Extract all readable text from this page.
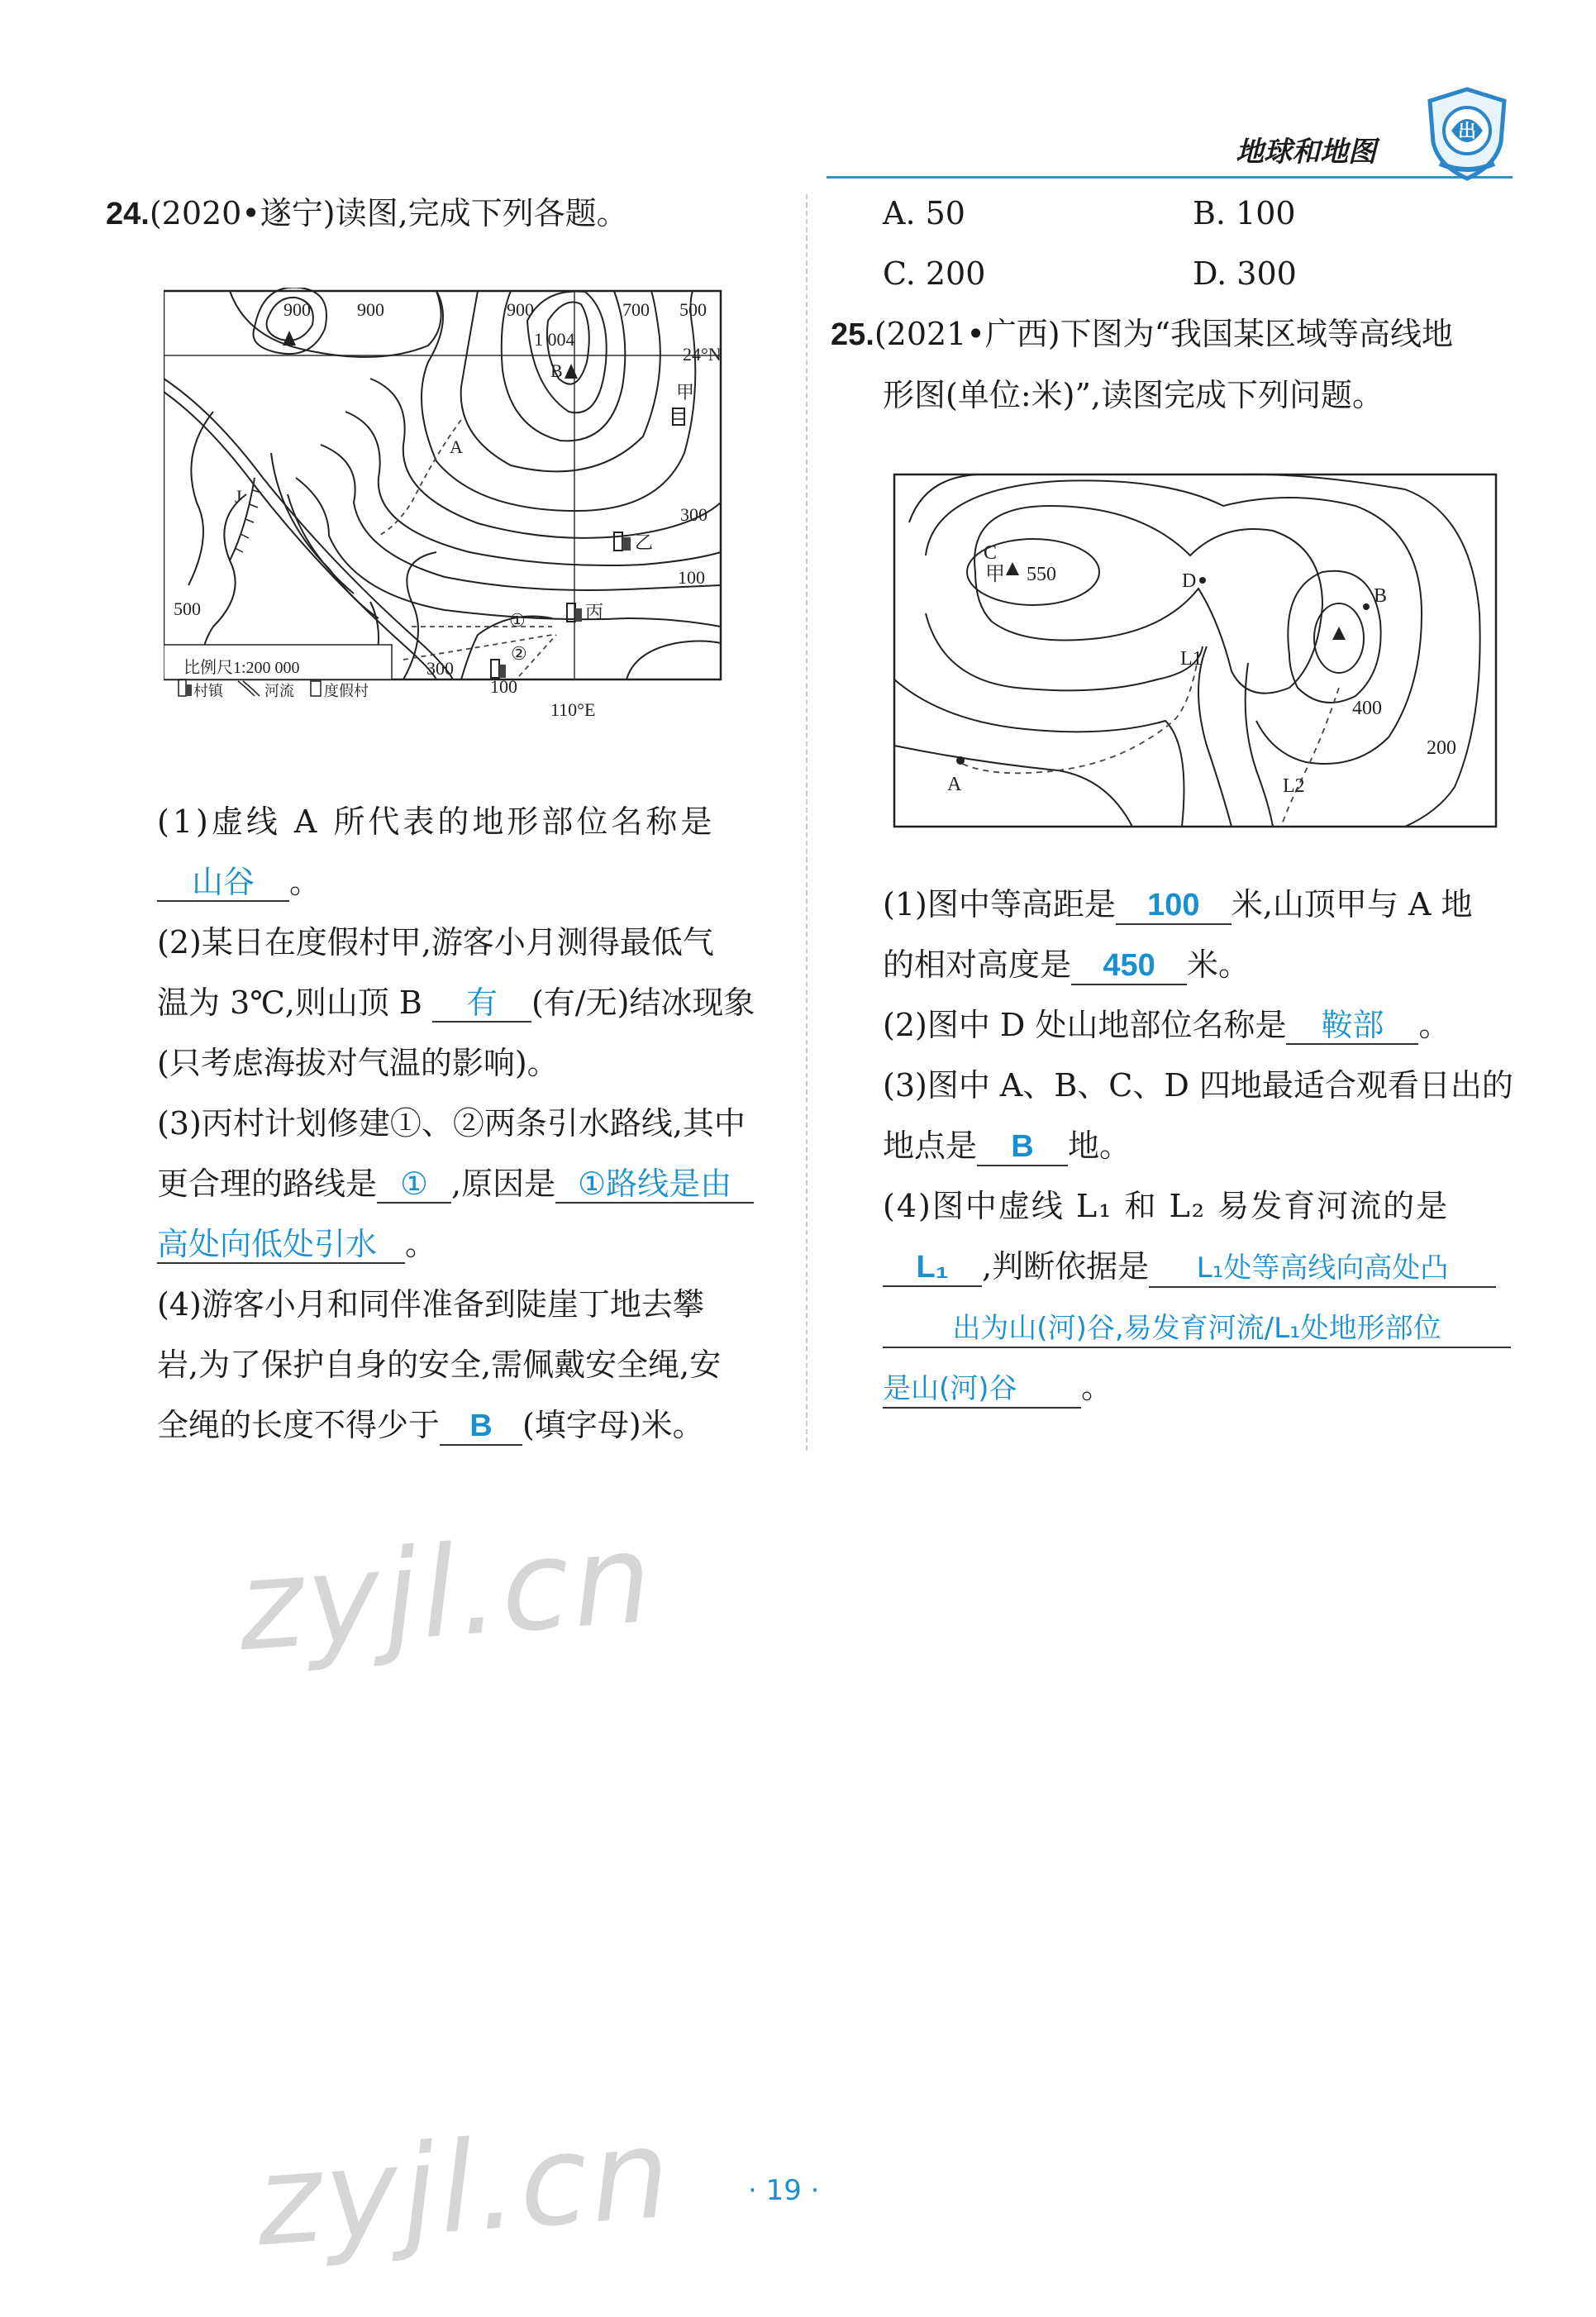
地球和地图
出
24.(2020•遂宁)读图,完成下列各题。
900	900	900
1 004
700 500
24°N
B
A
甲
J
300
乙
100
500	丙
①
②
300
100
110°E
比例尺1:200 000
村镇	河流 度假村
(1)虚线 A 所代表的地形部位名称是
山谷 。
(2)某日在度假村甲,游客小月测得最低气
温为 3℃,则山顶 B 有 (有/无)结冰现象
(只考虑海拔对气温的影响)。
(3)丙村计划修建①、②两条引水路线,其中
更合理的路线是 ① ,原因是 ①路线是由
高处向低处引水 。
(4)游客小月和同伴准备到陡崖丁地去攀
岩,为了保护自身的安全,需佩戴安全绳,安
全绳的长度不得少于 B (填字母)米。
A. 50	B. 100
C. 200	D. 300
25.(2021•广西)下图为“我国某区域等高线地
形图(单位:米)”,读图完成下列问题。
C
甲 550	D
B
L1
400
200
A	L2
(1)图中等高距是 100 米,山顶甲与 A 地
的相对高度是 450 米。
(2)图中 D 处山地部位名称是 鞍部 。
(3)图中 A、B、C、D 四地最适合观看日出的
地点是 B 地。
(4)图中虚线 L₁ 和 L₂ 易发育河流的是
L₁ ,判断依据是 L₁处等高线向高处凸
出为山(河)谷,易发育河流/L₁处地形部位
是山(河)谷 。
zyjl.cn
zyjl.cn	· 19 ·
